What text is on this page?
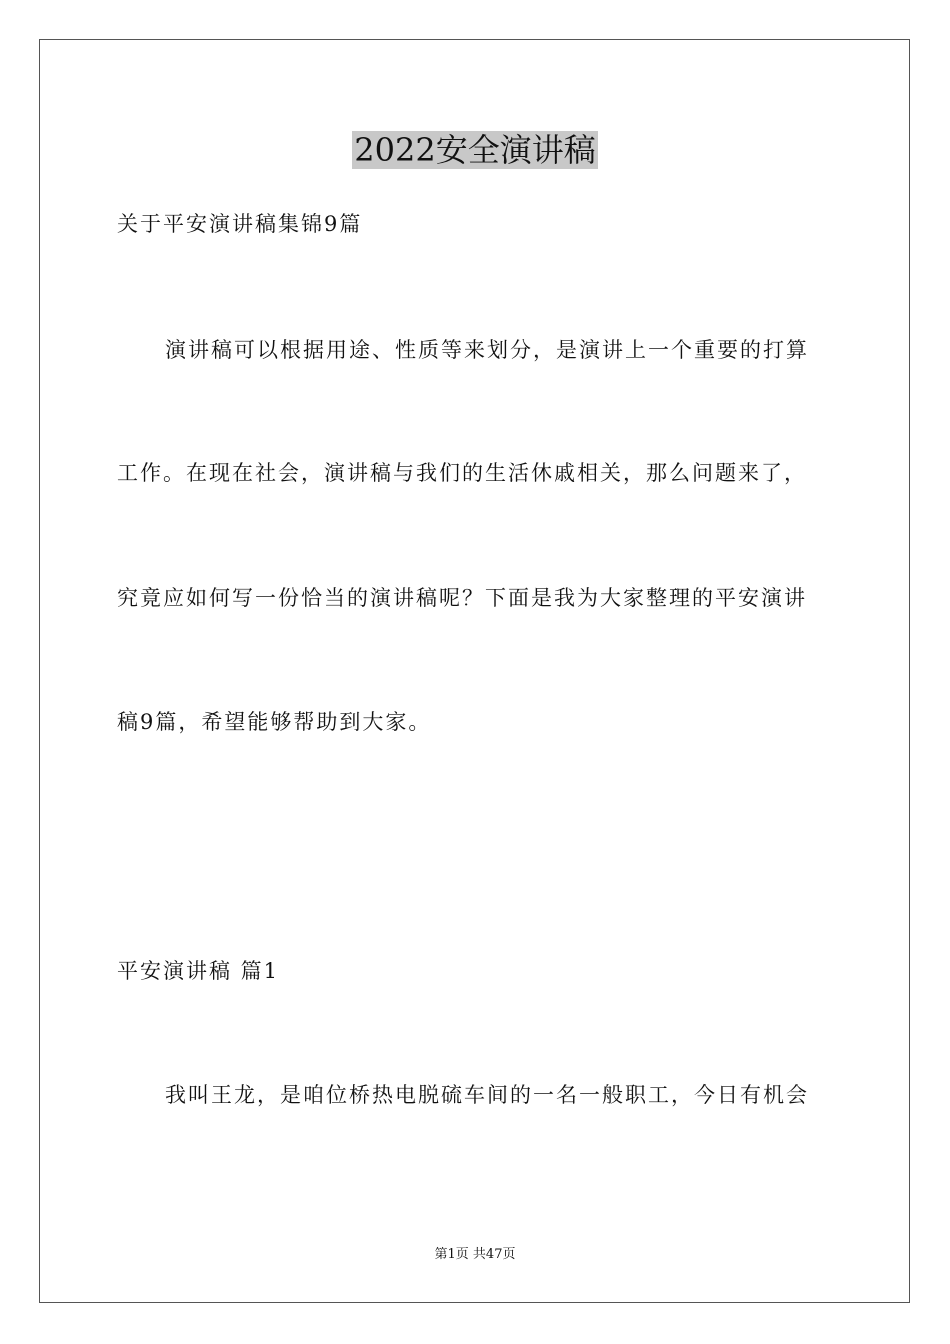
2022安全演讲稿
关于平安演讲稿集锦9篇
演讲稿可以根据用途、性质等来划分，是演讲上一个重要的打算
工作。在现在社会，演讲稿与我们的生活休戚相关，那么问题来了，
究竟应如何写一份恰当的演讲稿呢？下面是我为大家整理的平安演讲
稿9篇，希望能够帮助到大家。
平安演讲稿 篇1
我叫王龙，是咱位桥热电脱硫车间的一名一般职工，今日有机会
第1页 共47页
